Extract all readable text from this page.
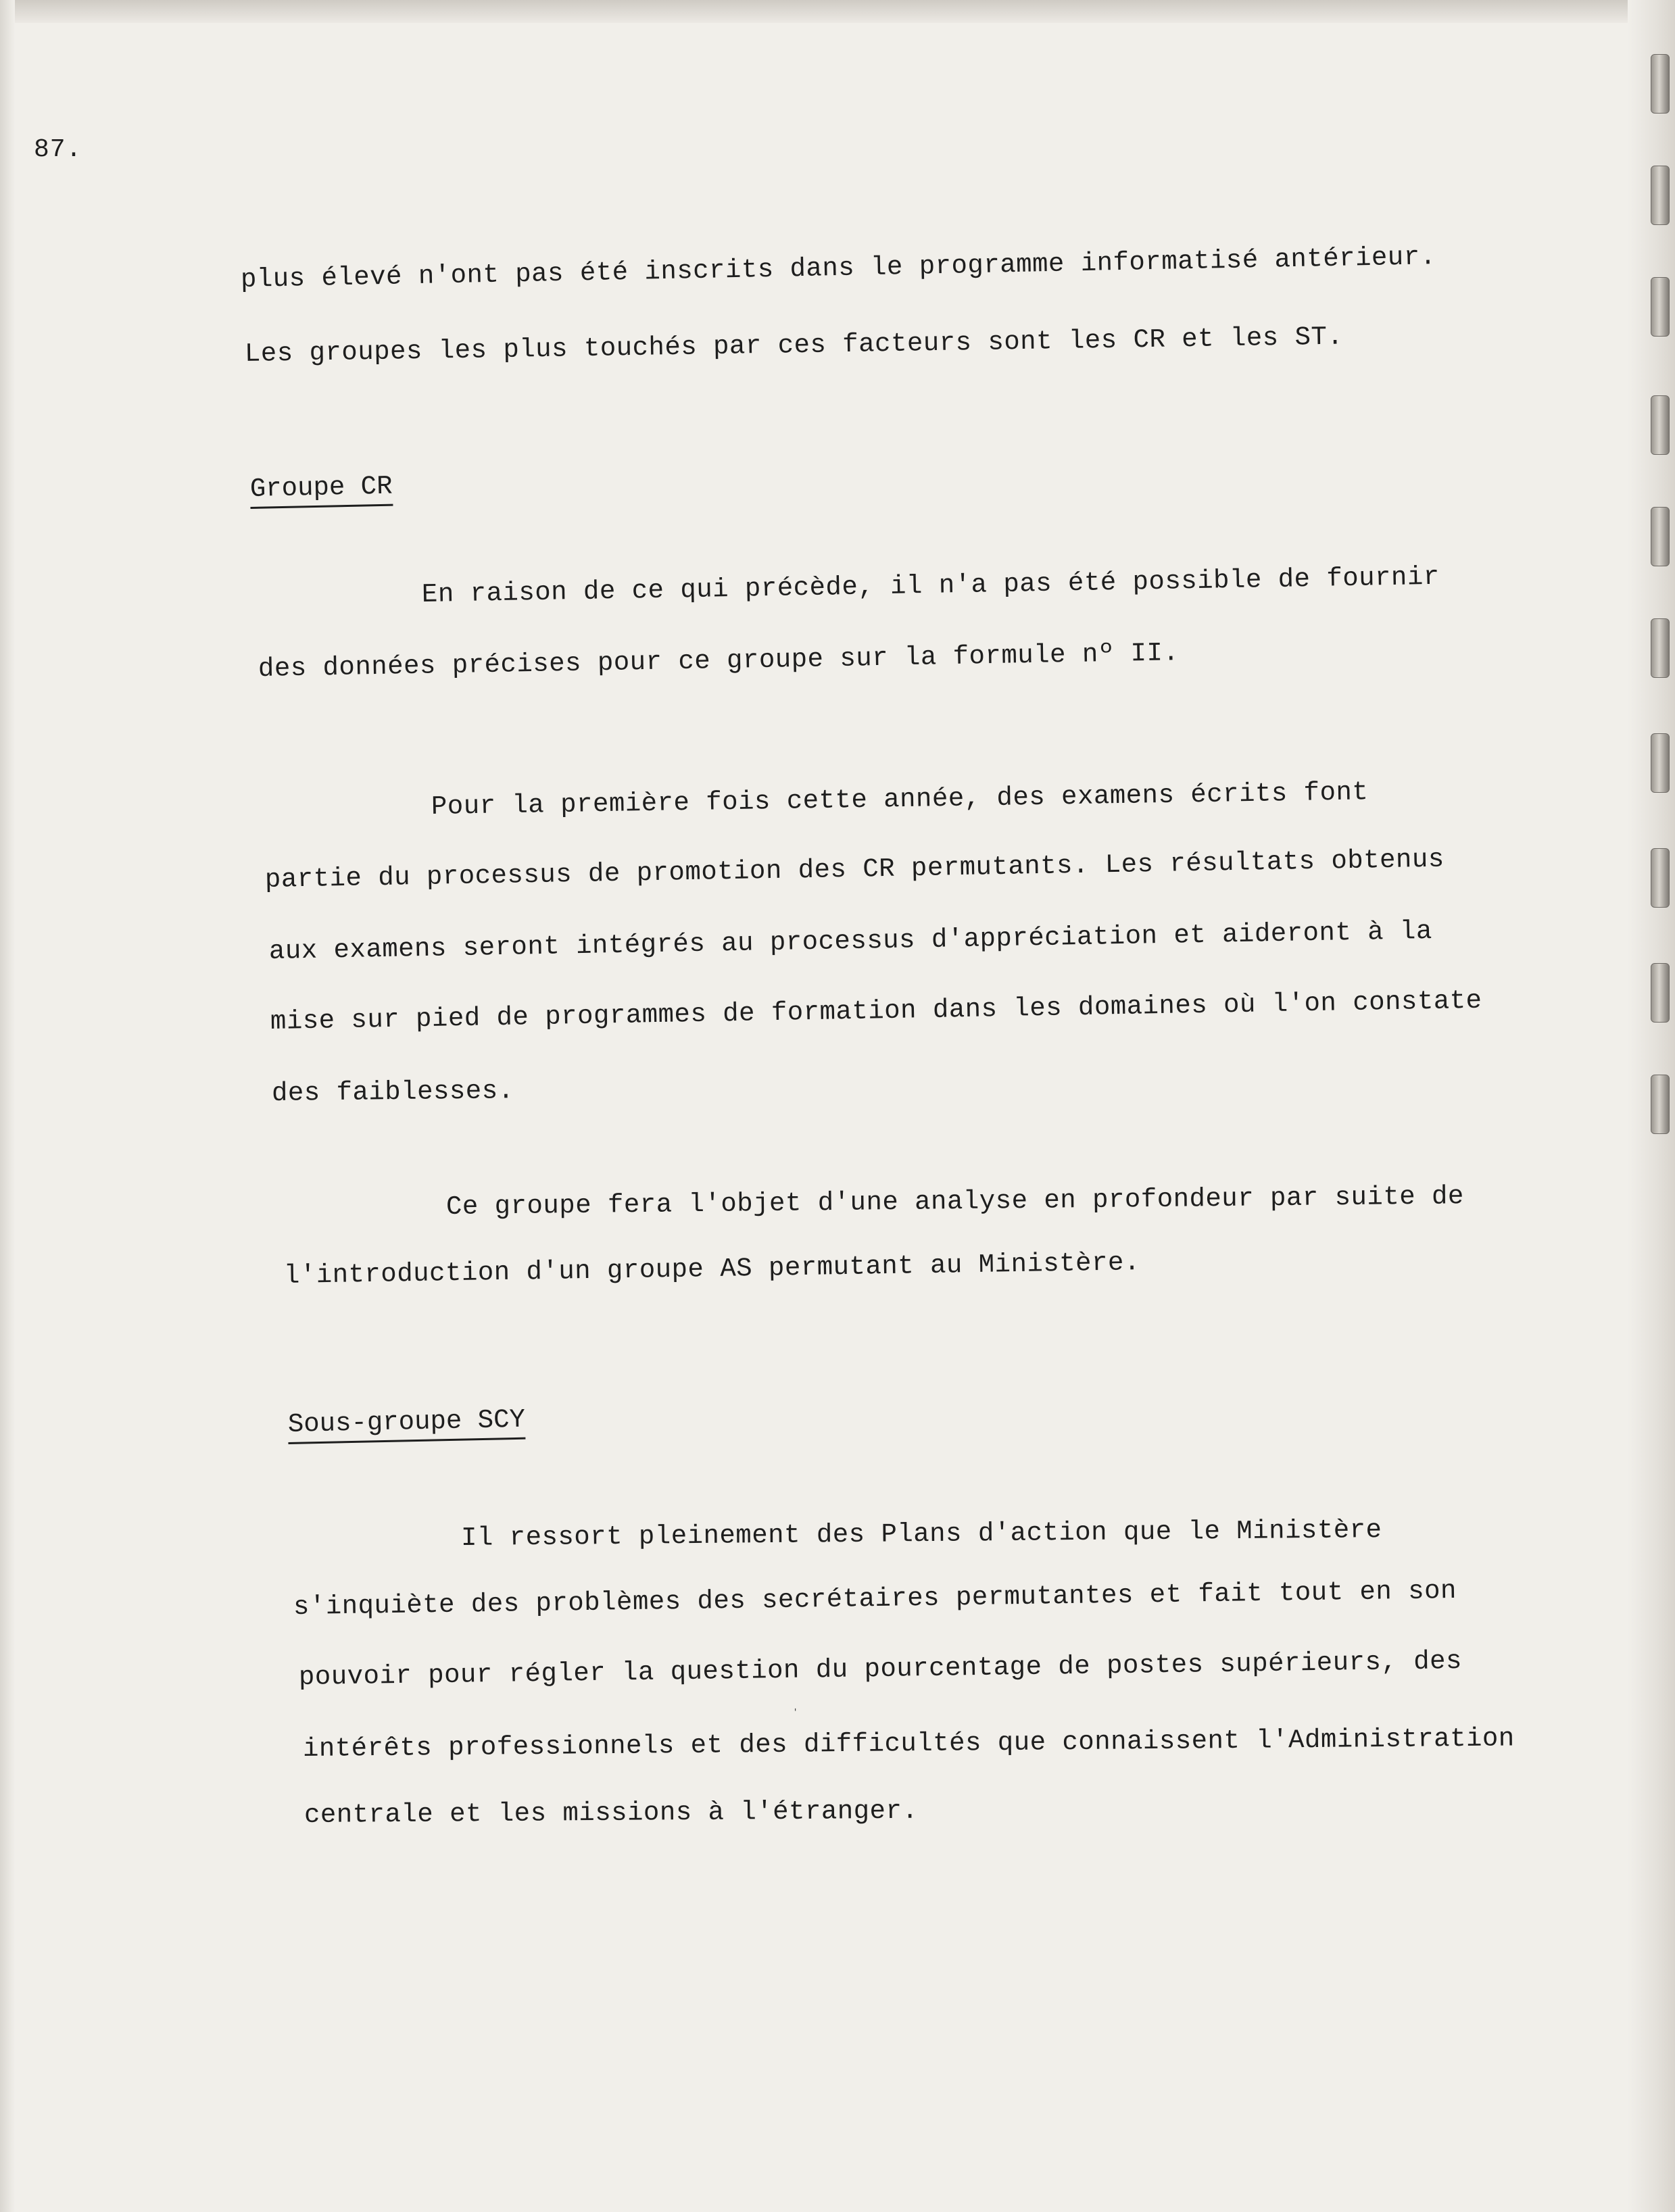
87.
plus élevé n'ont pas été inscrits dans le programme informatisé antérieur.
Les groupes les plus touchés par ces facteurs sont les CR et les ST.
Groupe CR
En raison de ce qui précède, il n'a pas été possible de fournir
des données précises pour ce groupe sur la formule nº II.
Pour la première fois cette année, des examens écrits font
partie du processus de promotion des CR permutants. Les résultats obtenus
aux examens seront intégrés au processus d'appréciation et aideront à la
mise sur pied de programmes de formation dans les domaines où l'on constate
des faiblesses.
Ce groupe fera l'objet d'une analyse en profondeur par suite de
l'introduction d'un groupe AS permutant au Ministère.
Sous-groupe SCY
Il ressort pleinement des Plans d'action que le Ministère
s'inquiète des problèmes des secrétaires permutantes et fait tout en son
pouvoir pour régler la question du pourcentage de postes supérieurs, des
intérêts professionnels et des difficultés que connaissent l'Administration
centrale et les missions à l'étranger.
ˈ
